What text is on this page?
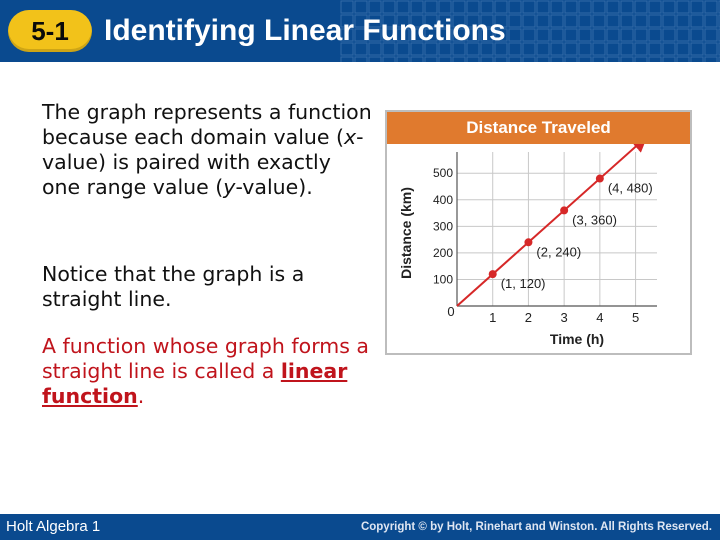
5-1	Identifying Linear Functions
The graph represents a function because each domain value (x-value) is paired with exactly one range value (y-value).
Notice that the graph is a straight line.
A function whose graph forms a straight line is called a linear function.
Distance Traveled
100
200
300
400
500
0	1 2 3 4 5
Time (h)
Distance (km)
(1, 120)
(2, 240)
(3, 360)
(4, 480)
Holt Algebra 1	Copyright © by Holt, Rinehart and Winston. All Rights Reserved.
